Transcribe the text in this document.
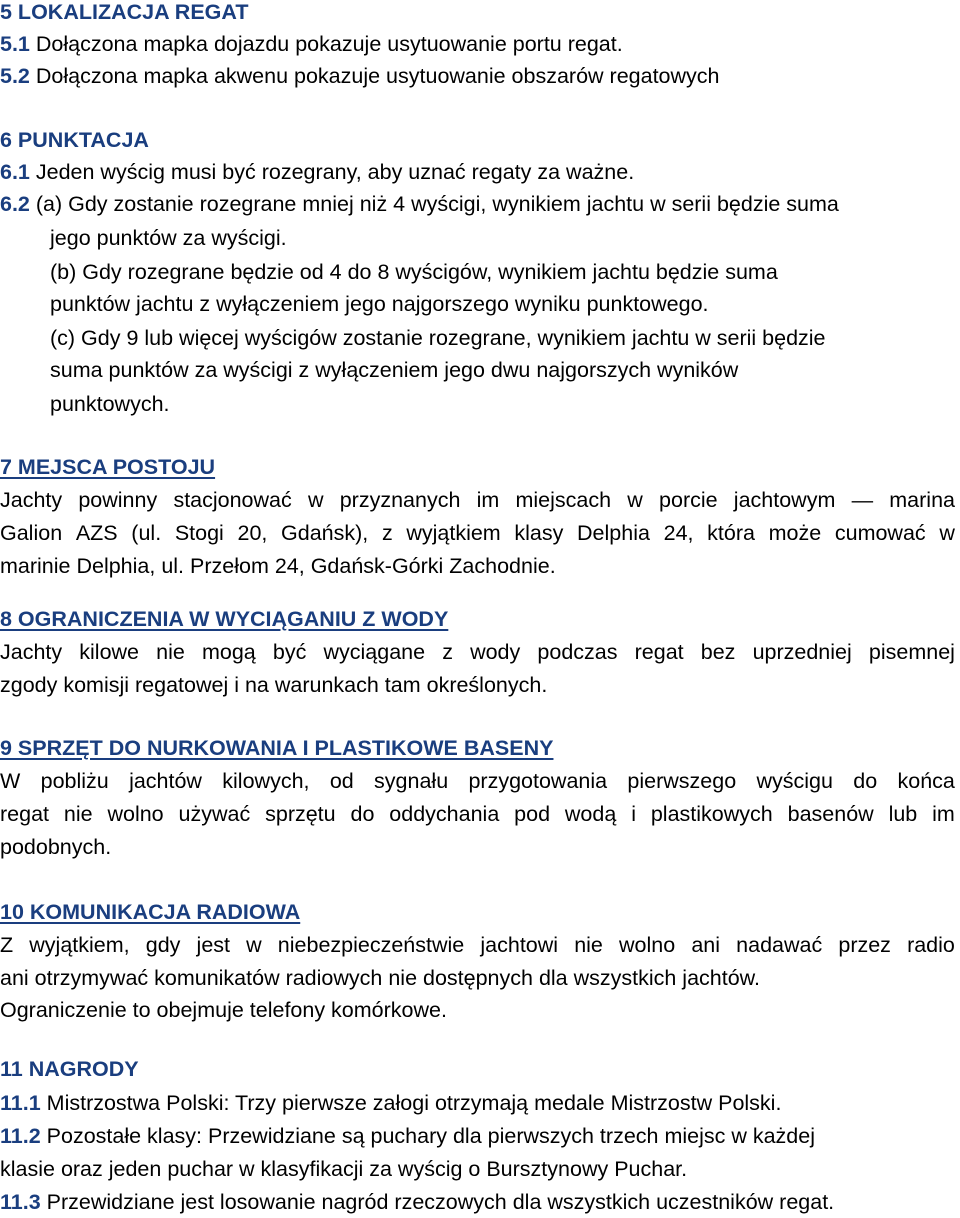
5 LOKALIZACJA REGAT
5.1 Dołączona mapka dojazdu pokazuje usytuowanie portu regat.
5.2 Dołączona mapka akwenu pokazuje usytuowanie obszarów regatowych
6 PUNKTACJA
6.1 Jeden wyścig musi być rozegrany, aby uznać regaty za ważne.
6.2 (a) Gdy zostanie rozegrane mniej niż 4 wyścigi, wynikiem jachtu w serii będzie suma
jego punktów za wyścigi.
(b) Gdy rozegrane będzie od 4 do 8 wyścigów, wynikiem jachtu będzie suma
punktów jachtu z wyłączeniem jego najgorszego wyniku punktowego.
(c) Gdy 9 lub więcej wyścigów zostanie rozegrane, wynikiem jachtu w serii będzie
suma punktów za wyścigi z wyłączeniem jego dwu najgorszych wyników
punktowych.
7 MEJSCA POSTOJU
Jachty powinny stacjonować w przyznanych im miejscach w porcie jachtowym — marina
Galion AZS (ul. Stogi 20, Gdańsk), z wyjątkiem klasy Delphia 24, która może cumować w
marinie Delphia, ul. Przełom 24, Gdańsk-Górki Zachodnie.
8 OGRANICZENIA W WYCIĄGANIU Z WODY
Jachty kilowe nie mogą być wyciągane z wody podczas regat bez uprzedniej pisemnej
zgody komisji regatowej i na warunkach tam określonych.
9 SPRZĘT DO NURKOWANIA I PLASTIKOWE BASENY
W pobliżu jachtów kilowych, od sygnału przygotowania pierwszego wyścigu do końca
regat nie wolno używać sprzętu do oddychania pod wodą i plastikowych basenów lub im
podobnych.
10 KOMUNIKACJA RADIOWA
Z wyjątkiem, gdy jest w niebezpieczeństwie jachtowi nie wolno ani nadawać przez radio
ani otrzymywać komunikatów radiowych nie dostępnych dla wszystkich jachtów.
Ograniczenie to obejmuje telefony komórkowe.
11 NAGRODY
11.1 Mistrzostwa Polski: Trzy pierwsze załogi otrzymają medale Mistrzostw Polski.
11.2 Pozostałe klasy: Przewidziane są puchary dla pierwszych trzech miejsc w każdej
klasie oraz jeden puchar w klasyfikacji za wyścig o Bursztynowy Puchar.
11.3 Przewidziane jest losowanie nagród rzeczowych dla wszystkich uczestników regat.
